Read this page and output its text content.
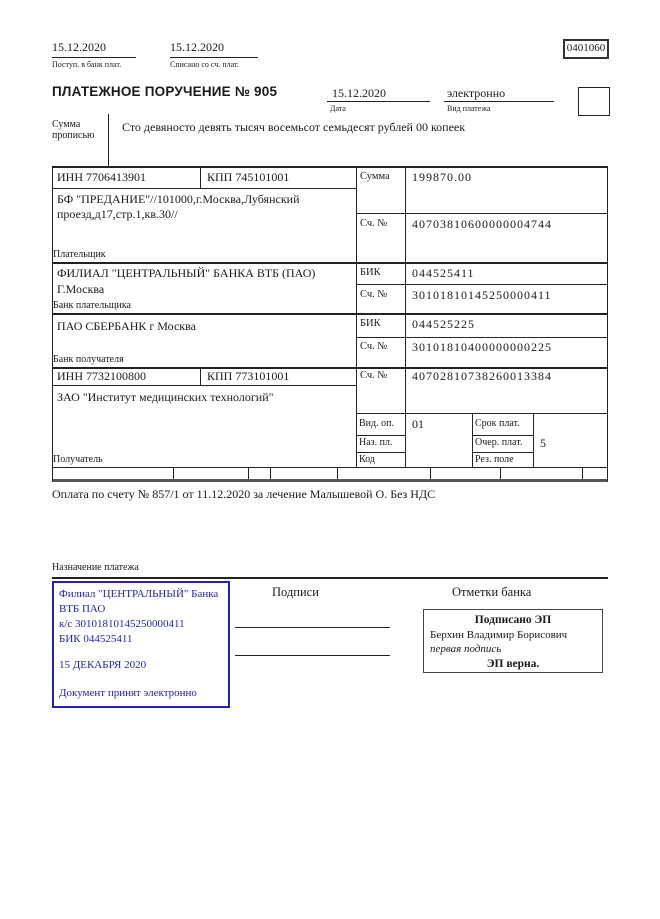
15.12.2020
Поступ. в банк плат.
15.12.2020
Списано со сч. плат.
0401060
ПЛАТЕЖНОЕ ПОРУЧЕНИЕ № 905	15.12.2020
Дата
электронно
Вид платежа
Сумма прописью
Сто девяносто девять тысяч восемьсот семьдесят рублей 00 копеек
ИНН 7706413901	КПП 745101001	Сумма 199870.00
БФ "ПРЕДАНИЕ"//101000,г.Москва,Лубянский проезд,д17,стр.1,кв.30//
Сч. № 40703810600000004744
Плательщик
ФИЛИАЛ "ЦЕНТРАЛЬНЫЙ" БАНКА ВТБ (ПАО)
Г.Москва
БИК	044525411
Сч. № 30101810145250000411
Банк плательщика
ПАО СБЕРБАНК г Москва	БИК	044525225
Сч. № 30101810400000000225
Банк получателя
ИНН 7732100800	КПП 773101001	Сч. № 40702810738260013384
ЗАО "Институт медицинских технологий"
Вид. оп. 01	Срок плат.
Наз. пл.	Очер. плат. 5
Код	Рез. поле
Получатель
Оплата по счету № 857/1 от 11.12.2020 за лечение Малышевой О. Без НДС
Назначение платежа
Филиал "ЦЕНТРАЛЬНЫЙ" Банка
ВТБ ПАО
к/с 30101810145250000411
БИК 044525411
15 ДЕКАБРЯ 2020
Документ принят электронно
Подписи	Отметки банка
Подписано ЭП
Берхин Владимир Борисович
первая подпись
ЭП верна.
